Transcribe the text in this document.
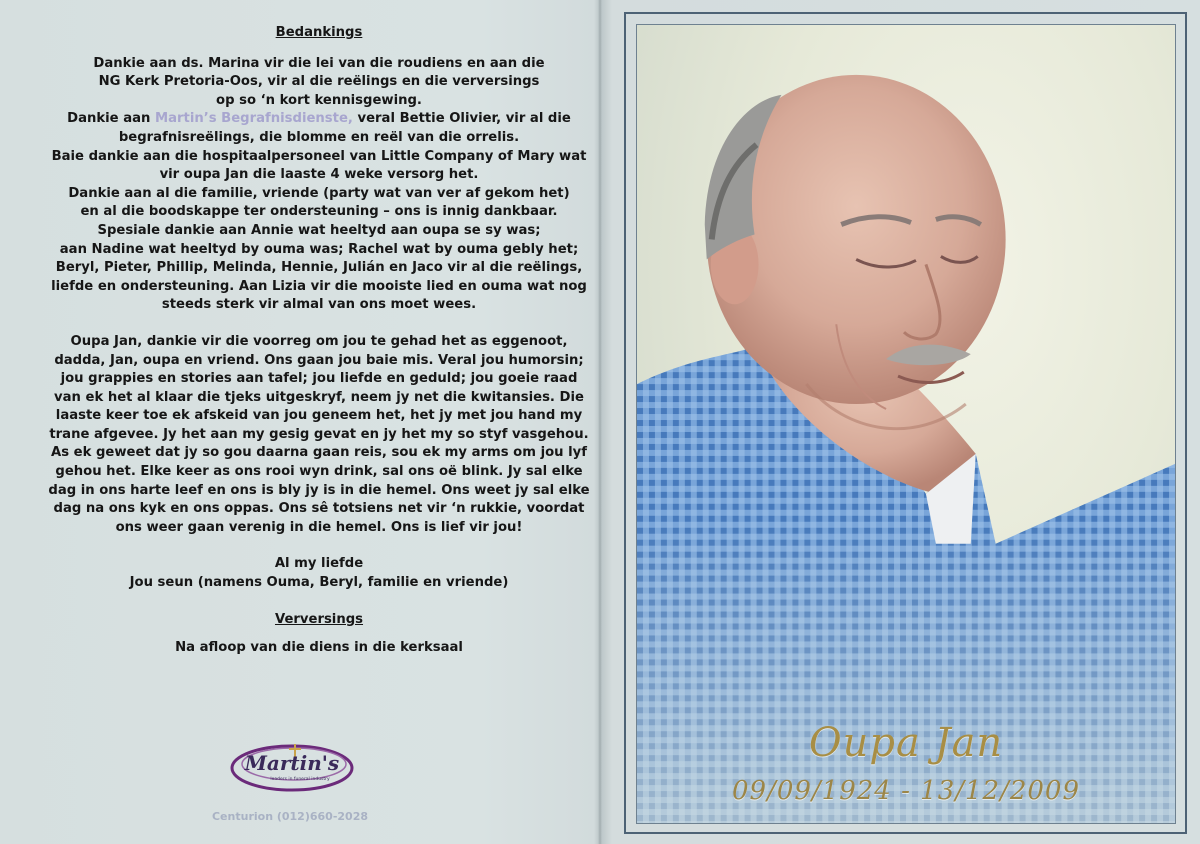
Bedankings
Dankie aan ds. Marina vir die lei van die roudiens en aan die
NG Kerk Pretoria-Oos, vir al die reëlings en die verversings
op so ‘n kort kennisgewing.
Dankie aan Martin’s Begrafnisdienste, veral Bettie Olivier, vir al die
begrafnisreëlings, die blomme en reël van die orrelis.
Baie dankie aan die hospitaalpersoneel van Little Company of Mary wat
vir oupa Jan die laaste 4 weke versorg het.
Dankie aan al die familie, vriende (party wat van ver af gekom het)
en al die boodskappe ter ondersteuning – ons is innig dankbaar.
Spesiale dankie aan Annie wat heeltyd aan oupa se sy was;
aan Nadine wat heeltyd by ouma was; Rachel wat by ouma gebly het;
Beryl, Pieter, Phillip, Melinda, Hennie, Julián en Jaco vir al die reëlings,
liefde en ondersteuning. Aan Lizia vir die mooiste lied en ouma wat nog
steeds sterk vir almal van ons moet wees.
Oupa Jan, dankie vir die voorreg om jou te gehad het as eggenoot,
dadda, Jan, oupa en vriend. Ons gaan jou baie mis. Veral jou humorsin;
jou grappies en stories aan tafel; jou liefde en geduld; jou goeie raad
van ek het al klaar die tjeks uitgeskryf, neem jy net die kwitansies. Die
laaste keer toe ek afskeid van jou geneem het, het jy met jou hand my
trane afgevee. Jy het aan my gesig gevat en jy het my so styf vasgehou.
As ek geweet dat jy so gou daarna gaan reis, sou ek my arms om jou lyf
gehou het. Elke keer as ons rooi wyn drink, sal ons oë blink. Jy sal elke
dag in ons harte leef en ons is bly jy is in die hemel. Ons weet jy sal elke
dag na ons kyk en ons oppas. Ons sê totsiens net vir ‘n rukkie, voordat
ons weer gaan verenig in die hemel. Ons is lief vir jou!
Al my liefde
Jou seun (namens Ouma, Beryl, familie en vriende)
Verversings
Na afloop van die diens in die kerksaal
Martin's
leaders in funeral industry
Centurion (012)660-2028
Oupa Jan
09/09/1924 - 13/12/2009
